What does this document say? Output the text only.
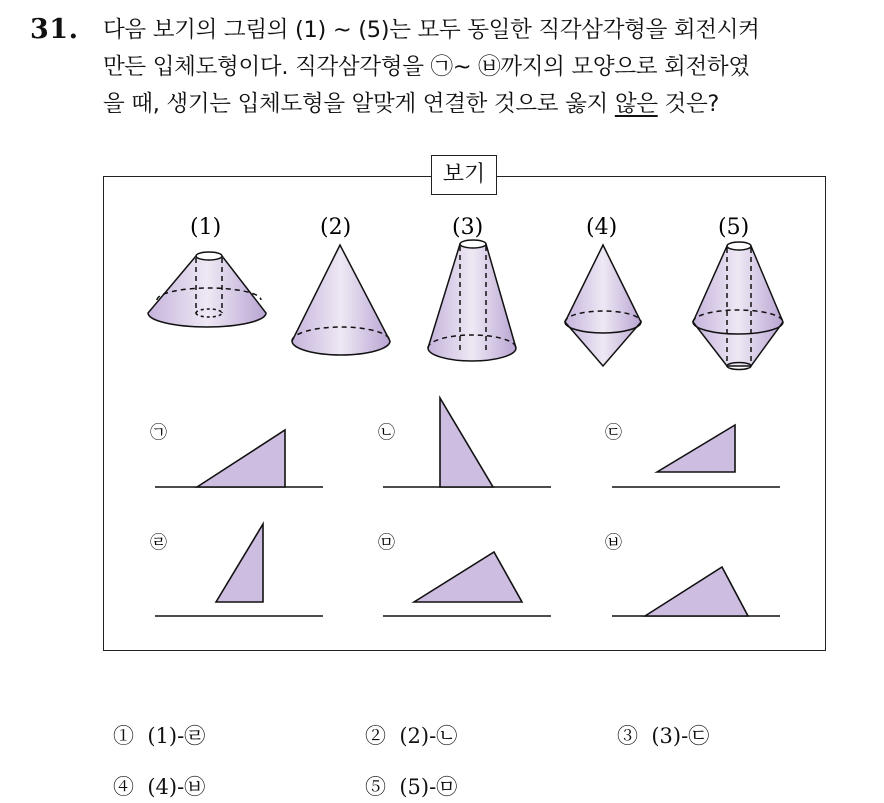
31. 다음 보기의 그림의 (1) ~ (5)는 모두 동일한 직각삼각형을 회전시켜
만든 입체도형이다. 직각삼각형을 ㉠~ ㉥까지의 모양으로 회전하였
을 때, 생기는 입체도형을 알맞게 연결한 것으로 옳지 않은 것은?
보기
(1)	(2)	(3)	(4)	(5)
㉠	㉡	㉢
㉣	㉤	㉥
① (1)-㉣	② (2)-㉡	③ (3)-㉢
④ (4)-㉥	⑤ (5)-㉤
